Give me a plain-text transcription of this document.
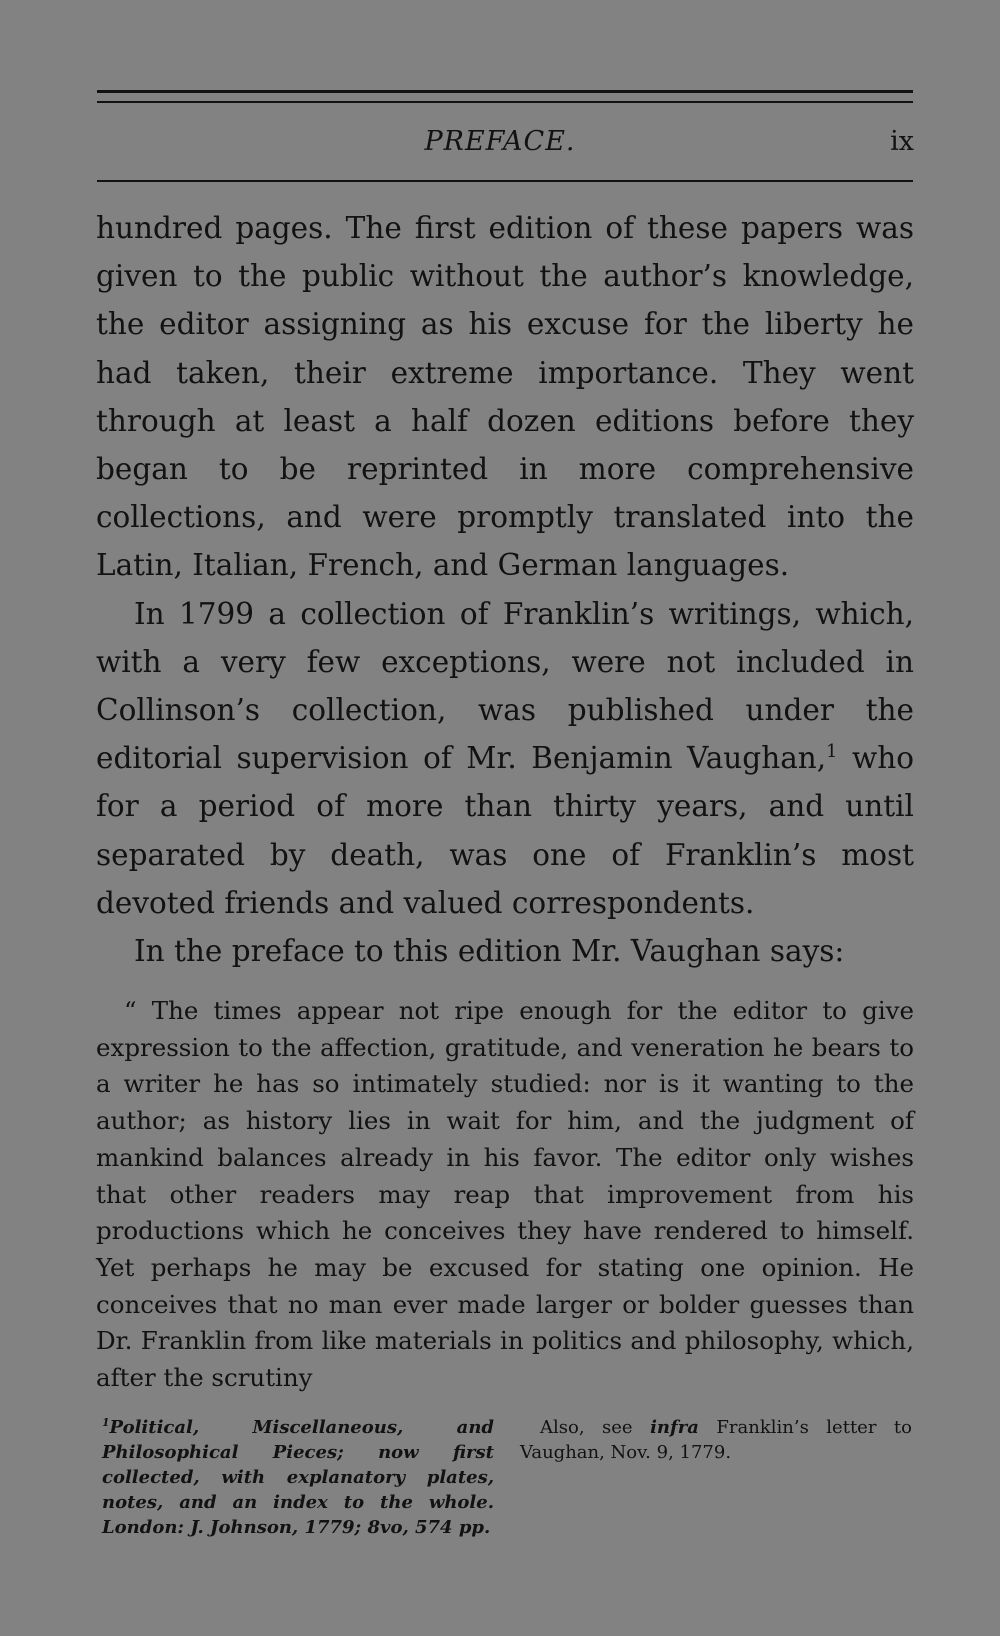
PREFACE.	ix

hundred pages. The first edition of these papers was given to the public without the author’s knowledge, the editor assigning as his excuse for the liberty he had taken, their extreme importance. They went through at least a half dozen editions before they began to be reprinted in more comprehensive collections, and were promptly translated into the Latin, Italian, French, and German languages.

In 1799 a collection of Franklin’s writings, which, with a very few exceptions, were not included in Collinson’s collection, was published under the editorial supervision of Mr. Benjamin Vaughan,$^1$ who for a period of more than thirty years, and until separated by death, was one of Franklin’s most devoted friends and valued correspondents.

In the preface to this edition Mr. Vaughan says:

“ The times appear not ripe enough for the editor to give expression to the affection, gratitude, and veneration he bears to a writer he has so intimately studied: nor is it wanting to the author; as history lies in wait for him, and the judgment of mankind balances already in his favor. The editor only wishes that other readers may reap that improvement from his productions which he conceives they have rendered to himself. Yet perhaps he may be excused for stating one opinion. He conceives that no man ever made larger or bolder guesses than Dr. Franklin from like materials in politics and philosophy, which, after the scrutiny

$^1$Political, Miscellaneous, and Philosophical Pieces; now first collected, with explanatory plates, notes, and an index to the whole. London: J. Johnson, 1779; 8vo, 574 pp.
Also, see infra Franklin’s letter to Vaughan, Nov. 9, 1779.
